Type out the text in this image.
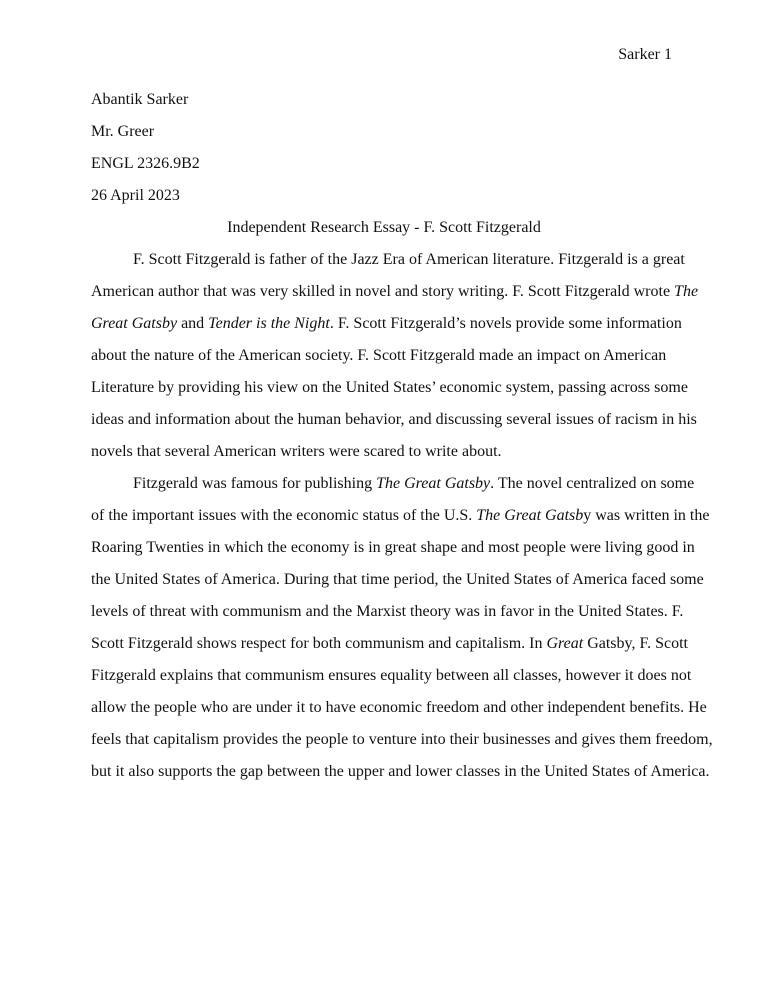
Sarker 1
Abantik Sarker
Mr. Greer
ENGL 2326.9B2
26 April 2023
Independent Research Essay - F. Scott Fitzgerald
F. Scott Fitzgerald is father of the Jazz Era of American literature. Fitzgerald is a great
American author that was very skilled in novel and story writing. F. Scott Fitzgerald wrote The
Great Gatsby and Tender is the Night. F. Scott Fitzgerald’s novels provide some information
about the nature of the American society. F. Scott Fitzgerald made an impact on American
Literature by providing his view on the United States’ economic system, passing across some
ideas and information about the human behavior, and discussing several issues of racism in his
novels that several American writers were scared to write about.
Fitzgerald was famous for publishing The Great Gatsby. The novel centralized on some
of the important issues with the economic status of the U.S. The Great Gatsby was written in the
Roaring Twenties in which the economy is in great shape and most people were living good in
the United States of America. During that time period, the United States of America faced some
levels of threat with communism and the Marxist theory was in favor in the United States. F.
Scott Fitzgerald shows respect for both communism and capitalism. In Great Gatsby, F. Scott
Fitzgerald explains that communism ensures equality between all classes, however it does not
allow the people who are under it to have economic freedom and other independent benefits. He
feels that capitalism provides the people to venture into their businesses and gives them freedom,
but it also supports the gap between the upper and lower classes in the United States of America.
